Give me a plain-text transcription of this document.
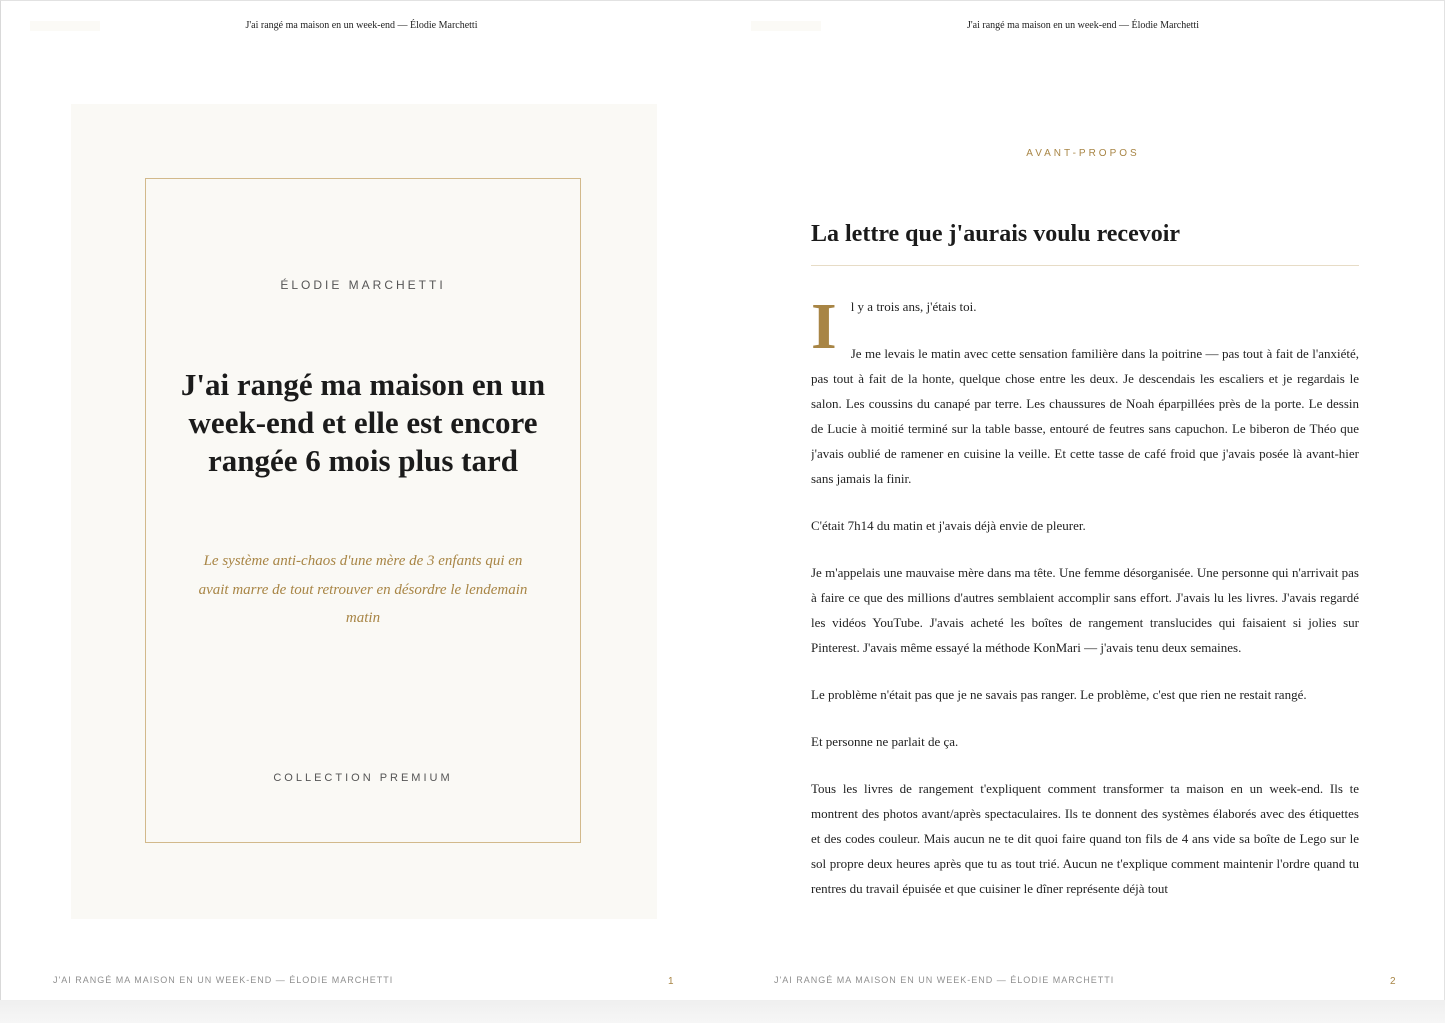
J'ai rangé ma maison en un week-end — Élodie Marchetti
ÉLODIE MARCHETTI
J'ai rangé ma maison en un week-end et elle est encore rangée 6 mois plus tard
Le système anti-chaos d'une mère de 3 enfants qui en avait marre de tout retrouver en désordre le lendemain matin
COLLECTION PREMIUM
J'AI RANGÉ MA MAISON EN UN WEEK-END — ÉLODIE MARCHETTI	1
J'ai rangé ma maison en un week-end — Élodie Marchetti
AVANT-PROPOS
La lettre que j'aurais voulu recevoir
I	l y a trois ans, j'étais toi.

Je me levais le matin avec cette sensation familière dans la poitrine — pas tout à fait de l'anxiété, pas tout à fait de la honte, quelque chose entre les deux. Je descendais les escaliers et je regardais le salon. Les coussins du canapé par terre. Les chaussures de Noah éparpillées près de la porte. Le dessin de Lucie à moitié terminé sur la table basse, entouré de feutres sans capuchon. Le biberon de Théo que j'avais oublié de ramener en cuisine la veille. Et cette tasse de café froid que j'avais posée là avant-hier sans jamais la finir.

C'était 7h14 du matin et j'avais déjà envie de pleurer.

Je m'appelais une mauvaise mère dans ma tête. Une femme désorganisée. Une personne qui n'arrivait pas à faire ce que des millions d'autres semblaient accomplir sans effort. J'avais lu les livres. J'avais regardé les vidéos YouTube. J'avais acheté les boîtes de rangement translucides qui faisaient si jolies sur Pinterest. J'avais même essayé la méthode KonMari — j'avais tenu deux semaines.

Le problème n'était pas que je ne savais pas ranger. Le problème, c'est que rien ne restait rangé.

Et personne ne parlait de ça.

Tous les livres de rangement t'expliquent comment transformer ta maison en un week-end. Ils te montrent des photos avant/après spectaculaires. Ils te donnent des systèmes élaborés avec des étiquettes et des codes couleur. Mais aucun ne te dit quoi faire quand ton fils de 4 ans vide sa boîte de Lego sur le sol propre deux heures après que tu as tout trié. Aucun ne t'explique comment maintenir l'ordre quand tu rentres du travail épuisée et que cuisiner le dîner représente déjà tout

J'AI RANGÉ MA MAISON EN UN WEEK-END — ÉLODIE MARCHETTI	2
